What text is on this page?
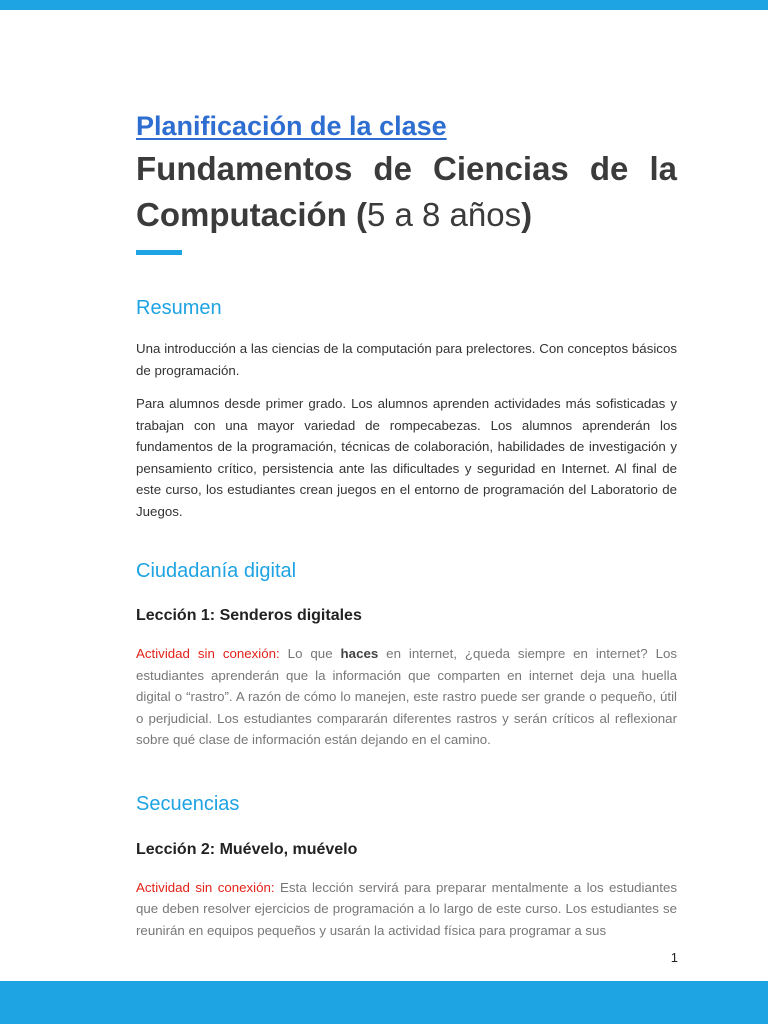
Planificación de la clase
Fundamentos de Ciencias de la Computación (5 a 8 años)
Resumen

Una introducción a las ciencias de la computación para prelectores. Con conceptos básicos de programación.

Para alumnos desde primer grado. Los alumnos aprenden actividades más sofisticadas y trabajan con una mayor variedad de rompecabezas. Los alumnos aprenderán los fundamentos de la programación, técnicas de colaboración, habilidades de investigación y pensamiento crítico, persistencia ante las dificultades y seguridad en Internet. Al final de este curso, los estudiantes crean juegos en el entorno de programación del Laboratorio de Juegos.

Ciudadanía digital
Lección 1: Senderos digitales

Actividad sin conexión: Lo que haces en internet, ¿queda siempre en internet? Los estudiantes aprenderán que la información que comparten en internet deja una huella digital o “rastro”. A razón de cómo lo manejen, este rastro puede ser grande o pequeño, útil o perjudicial. Los estudiantes compararán diferentes rastros y serán críticos al reflexionar sobre qué clase de información están dejando en el camino.

Secuencias
Lección 2: Muévelo, muévelo

Actividad sin conexión: Esta lección servirá para preparar mentalmente a los estudiantes que deben resolver ejercicios de programación a lo largo de este curso. Los estudiantes se reunirán en equipos pequeños y usarán la actividad física para programar a sus

1
